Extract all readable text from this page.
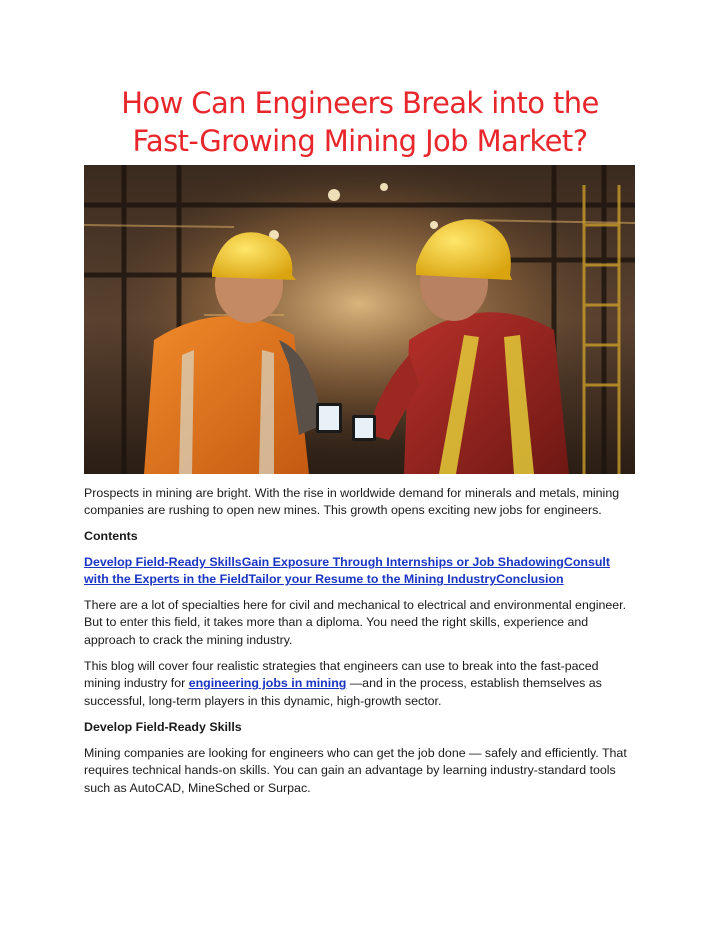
How Can Engineers Break into the Fast-Growing Mining Job Market?

Prospects in mining are bright. With the rise in worldwide demand for minerals and metals, mining companies are rushing to open new mines. This growth opens exciting new jobs for engineers.

Contents

Develop Field-Ready SkillsGain Exposure Through Internships or Job ShadowingConsult with the Experts in the FieldTailor your Resume to the Mining IndustryConclusion

There are a lot of specialties here for civil and mechanical to electrical and environmental engineer. But to enter this field, it takes more than a diploma. You need the right skills, experience and approach to crack the mining industry.

This blog will cover four realistic strategies that engineers can use to break into the fast-paced mining industry for engineering jobs in mining —and in the process, establish themselves as successful, long-term players in this dynamic, high-growth sector.

Develop Field-Ready Skills

Mining companies are looking for engineers who can get the job done — safely and efficiently. That requires technical hands-on skills. You can gain an advantage by learning industry-standard tools such as AutoCAD, MineSched or Surpac.
